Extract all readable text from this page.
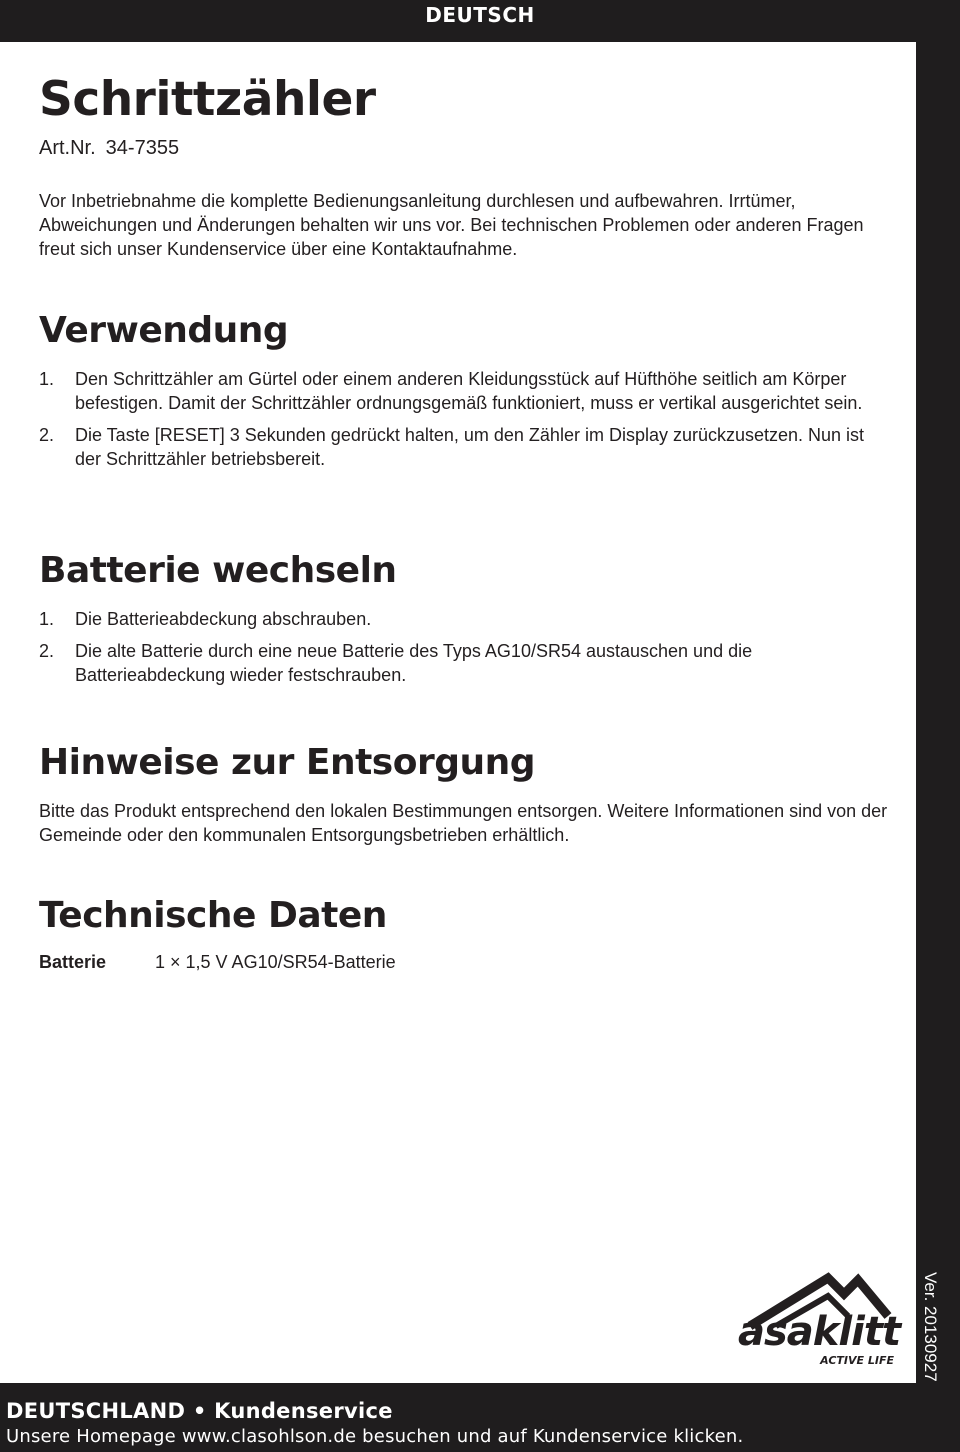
DEUTSCH
Schrittzähler
Art.Nr. 34-7355

Vor Inbetriebnahme die komplette Bedienungsanleitung durchlesen und aufbewahren. Irrtümer, Abweichungen und Änderungen behalten wir uns vor. Bei technischen Problemen oder anderen Fragen freut sich unser Kundenservice über eine Kontaktaufnahme.

Verwendung
1.	Den Schrittzähler am Gürtel oder einem anderen Kleidungsstück auf Hüfthöhe seitlich am Körper befestigen. Damit der Schrittzähler ordnungsgemäß funktioniert, muss er vertikal ausgerichtet sein.
2.	Die Taste [RESET] 3 Sekunden gedrückt halten, um den Zähler im Display zurückzusetzen. Nun ist der Schrittzähler betriebsbereit.
Batterie wechseln
1.	Die Batterieabdeckung abschrauben.
2.	Die alte Batterie durch eine neue Batterie des Typs AG10/SR54 austauschen und die Batterieabdeckung wieder festschrauben.
Hinweise zur Entsorgung

Bitte das Produkt entsprechend den lokalen Bestimmungen entsorgen. Weitere Informationen sind von der Gemeinde oder den kommunalen Entsorgungsbetrieben erhältlich.

Technische Daten
Batterie	1 × 1,5 V AG10/SR54-Batterie
asaklitt
ACTIVE LIFE Ver. 20130927
DEUTSCHLAND • Kundenservice
Unsere Homepage www.clasohlson.de besuchen und auf Kundenservice klicken.
